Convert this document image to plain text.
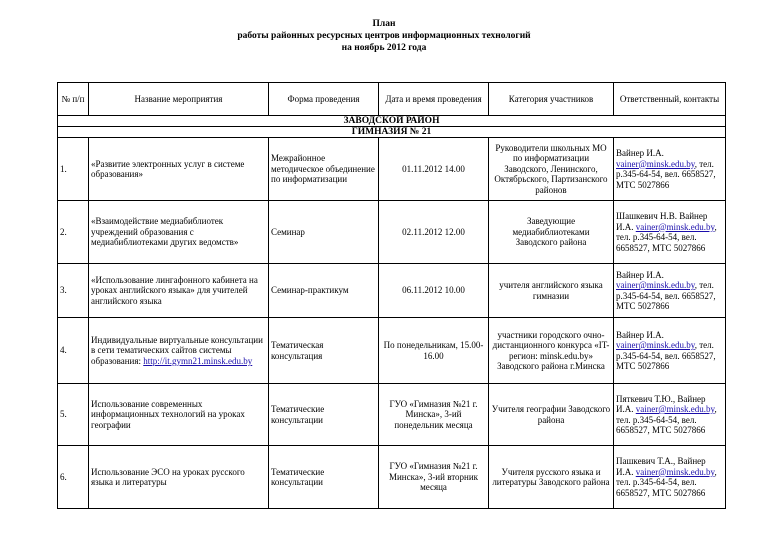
План
работы районных ресурсных центров информационных технологий
на ноябрь 2012 года
№ п/п	Название мероприятия	Форма проведения	Дата и время проведения	Категория участников	Ответственный, контакты
ЗАВОДСКОЙ РАЙОН					
ГИМНАЗИЯ № 21					
1.	«Развитие электронных услуг в системе образования»	Межрайонное методическое объединение по информатизации	01.11.2012 14.00	Руководители школьных МО по информатизации Заводского, Ленинского, Октябрьского, Партизанского районов	Вайнер И.А. vainer@minsk.edu.by, тел. р.345-64-54, вел. 6658527, МТС 5027866
2.	«Взаимодействие медиабиблиотек учреждений образования с медиабиблиотеками других ведомств»	Семинар	02.11.2012 12.00	Заведующие медиабиблиотеками Заводского района	Шашкевич Н.В. Вайнер И.А. vainer@minsk.edu.by, тел. р.345-64-54, вел. 6658527, МТС 5027866
3.	«Использование лингафонного кабинета на уроках английского языка» для учителей английского языка	Семинар-практикум	06.11.2012 10.00	учителя английского языка гимназии	Вайнер И.А. vainer@minsk.edu.by, тел. р.345-64-54, вел. 6658527, МТС 5027866
4.	Индивидуальные виртуальные консультации в сети тематических сайтов системы образования: http://it.gymn21.minsk.edu.by	Тематическая консультация	По понедельникам, 15.00-16.00	участники городского очно-дистанционного конкурса «IT-регион: minsk.edu.by» Заводского района г.Минска	Вайнер И.А. vainer@minsk.edu.by, тел. р.345-64-54, вел. 6658527, МТС 5027866
5.	Использование современных информационных технологий на уроках географии	Тематические консультации	ГУО «Гимназия №21 г. Минска», 3-ий понедельник месяца	Учителя географии Заводского района	Пяткевич Т.Ю., Вайнер И.А. vainer@minsk.edu.by, тел. р.345-64-54, вел. 6658527, МТС 5027866
6.	Использование ЭСО на уроках русского языка и литературы	Тематические консультации	ГУО «Гимназия №21 г. Минска», 3-ий вторник месяца	Учителя русского языка и литературы Заводского района	Пашкевич Т.А., Вайнер И.А. vainer@minsk.edu.by, тел. р.345-64-54, вел. 6658527, МТС 5027866
